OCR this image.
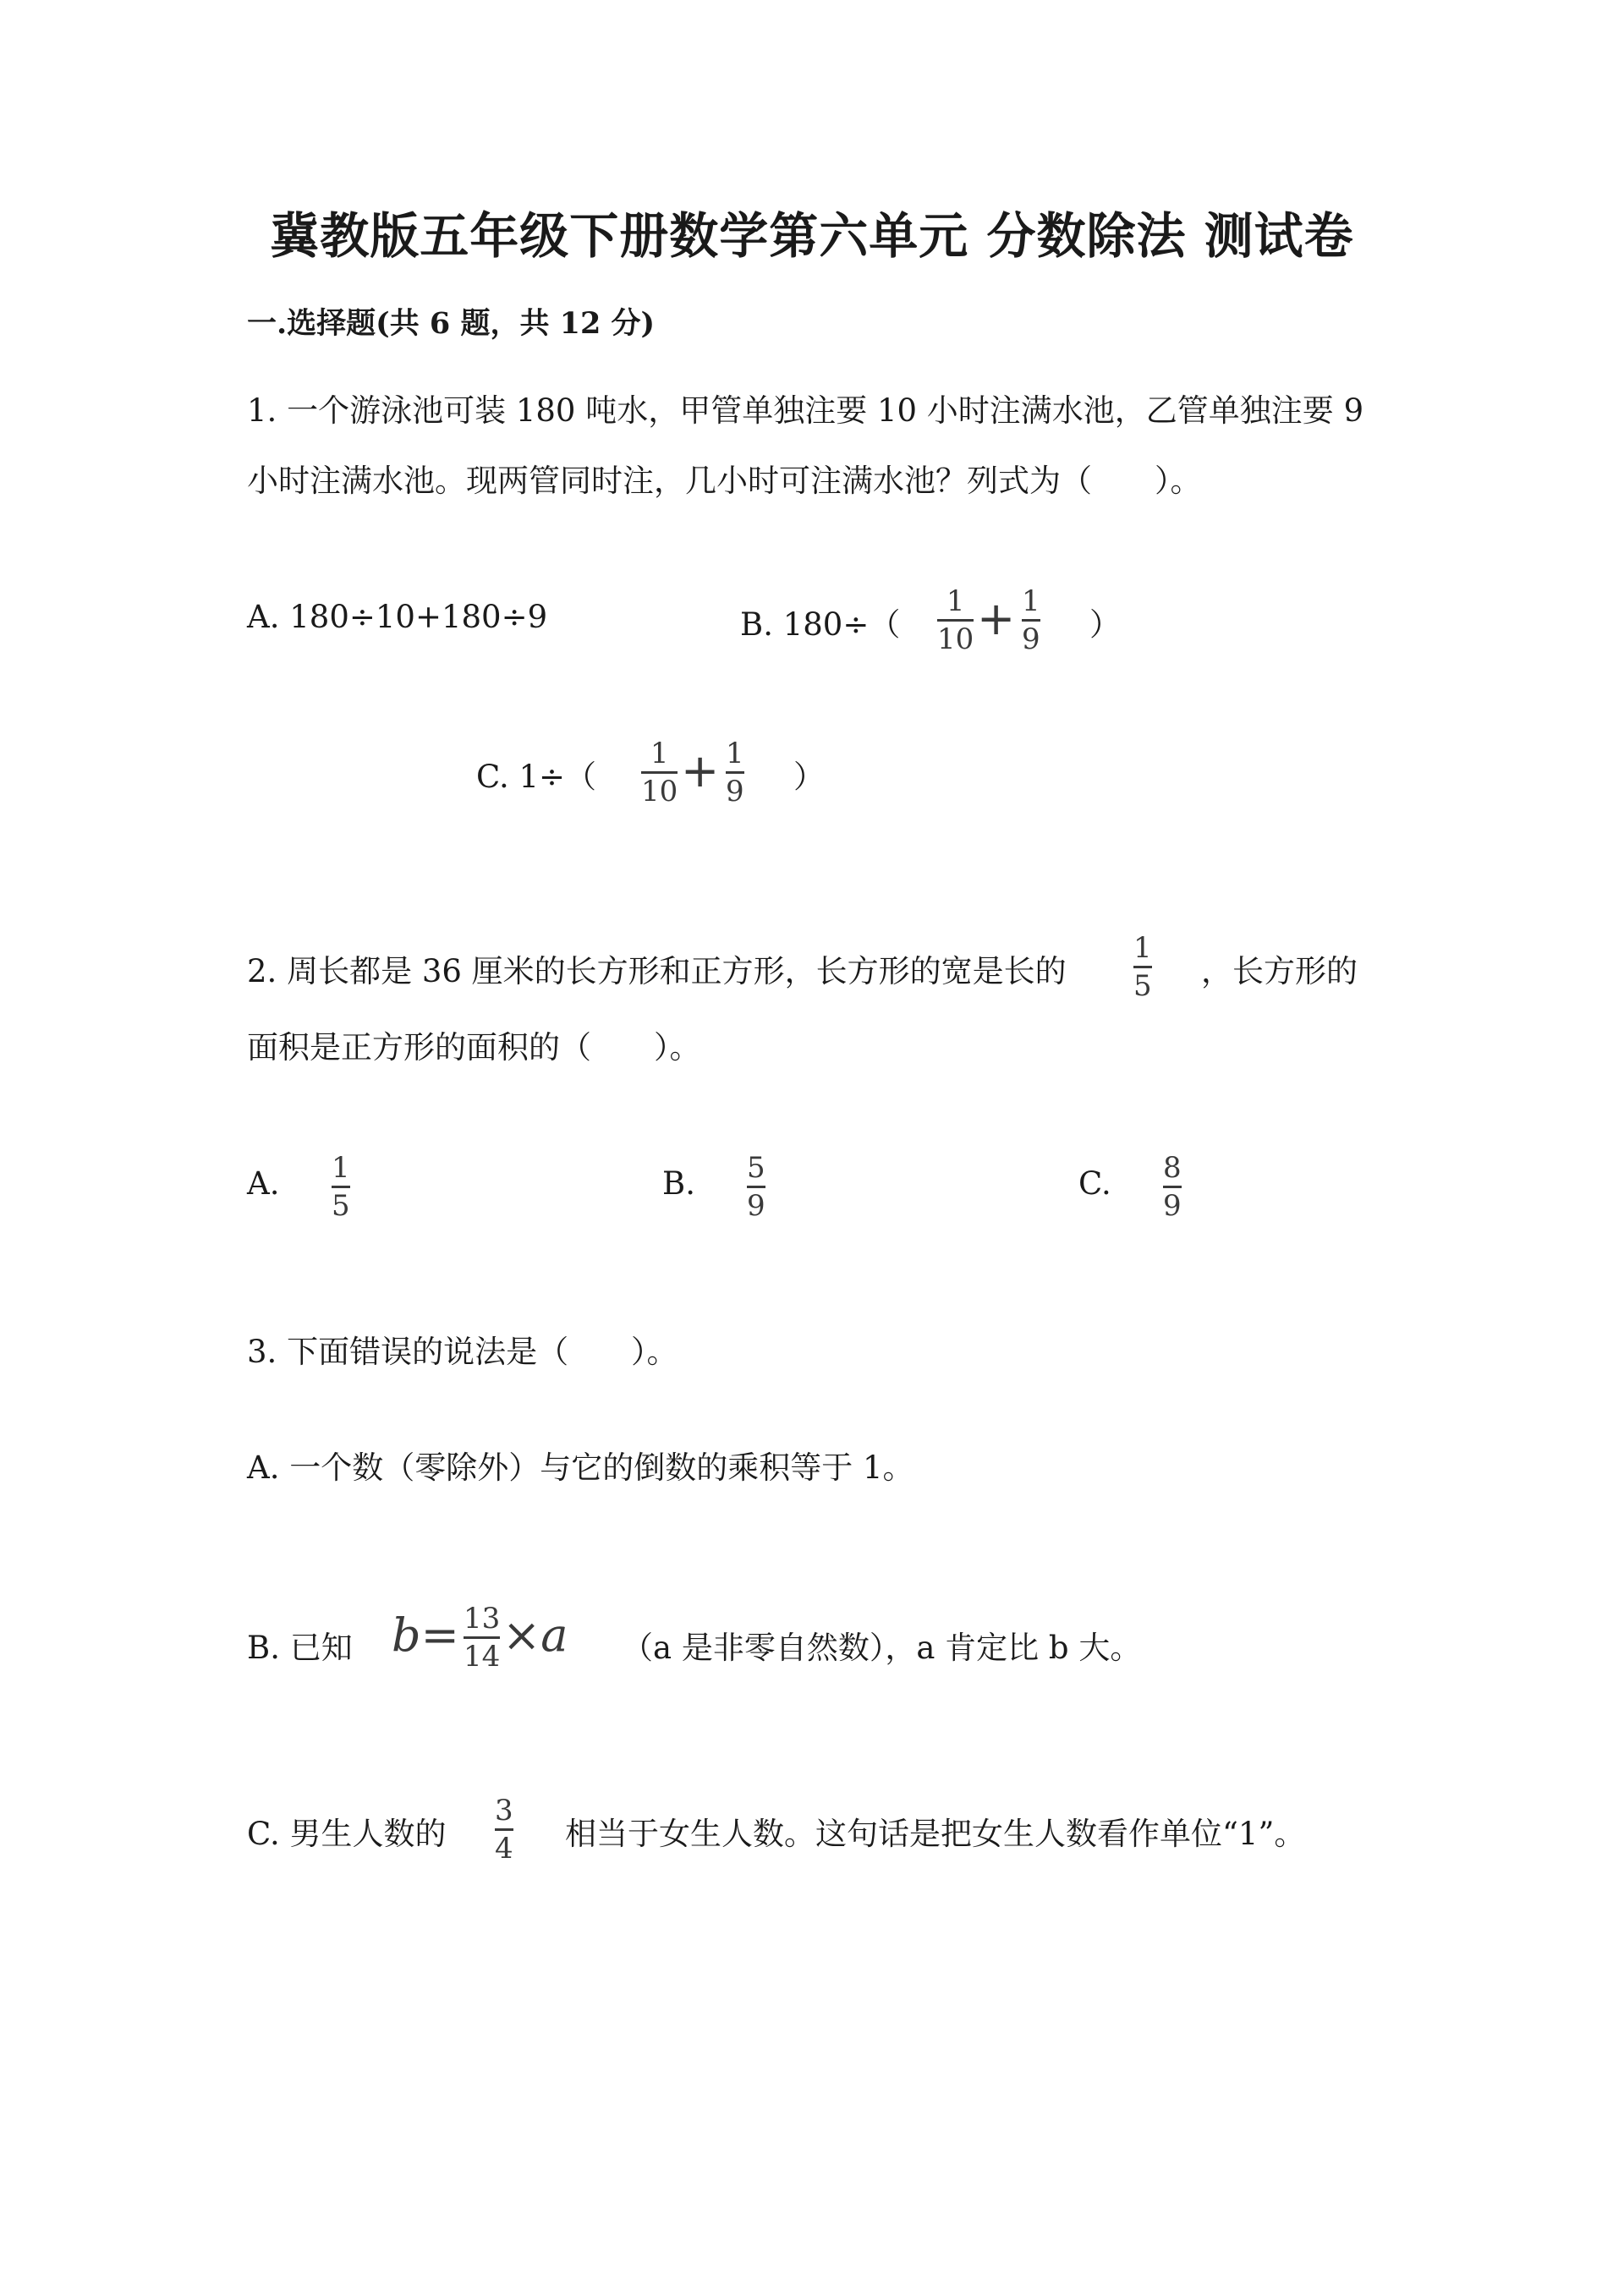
冀教版五年级下册数学第六单元 分数除法 测试卷
一.选择题(共 6 题，共 12 分)
1. 一个游泳池可装 180 吨水，甲管单独注要 10 小时注满水池，乙管单独注要 9
小时注满水池。现两管同时注，几小时可注满水池？列式为（　　）。
A. 180÷10+180÷9	B. 180÷（
1
10 + 1
9 ）
C. 1÷（
1
10 + 1
9 ）
2. 周长都是 36 厘米的长方形和正方形，长方形的宽是长的
1
5 ，长方形的
面积是正方形的面积的（　　）。
A. 1
5
B. 5
9
C. 8
9
3. 下面错误的说法是（　　）。
A. 一个数（零除外）与它的倒数的乘积等于 1。
B. 已知 b= 13
14 ×a （a 是非零自然数），a 肯定比 b 大。
C. 男生人数的
3
4 相当于女生人数。这句话是把女生人数看作单位“1”。
